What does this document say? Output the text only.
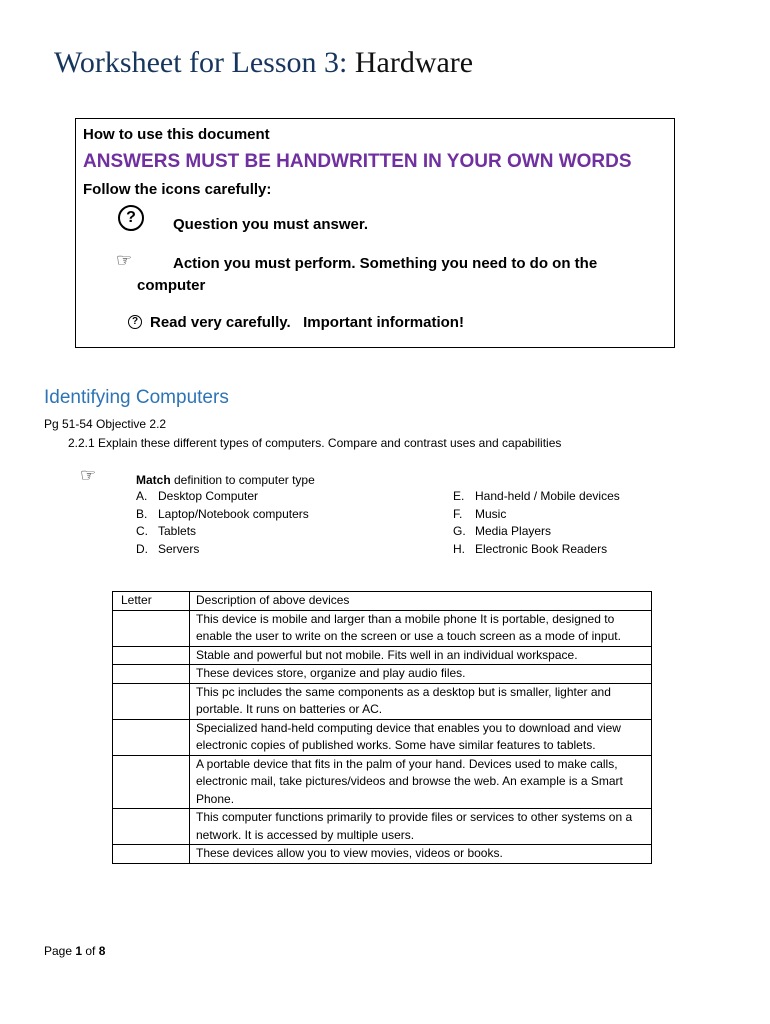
Worksheet for Lesson 3: Hardware
How to use this document
ANSWERS MUST BE HANDWRITTEN IN YOUR OWN WORDS
Follow the icons carefully:
?	Question you must answer.
☞	Action you must perform. Something you need to do on the
computer
? Read very carefully.   Important information!
Identifying Computers
Pg 51-54 Objective 2.2
2.2.1 Explain these different types of computers. Compare and contrast uses and capabilities
☞	Match definition to computer type
A. Desktop Computer
B. Laptop/Notebook computers
C. Tablets
D. Servers
E. Hand-held / Mobile devices
F.	Music
G. Media Players
H. Electronic Book Readers
Letter	Description of above devices
	This device is mobile and larger than a mobile phone It is portable, designed to enable the user to write on the screen or use a touch screen as a mode of input.
	Stable and powerful but not mobile. Fits well in an individual workspace.
	These devices store, organize and play audio files.
	This pc includes the same components as a desktop but is smaller, lighter and portable. It runs on batteries or AC.
	Specialized hand-held computing device that enables you to download and view electronic copies of published works. Some have similar features to tablets.
	A portable device that fits in the palm of your hand. Devices used to make calls, electronic mail, take pictures/videos and browse the web. An example is a Smart Phone.
	This computer functions primarily to provide files or services to other systems on a network. It is accessed by multiple users.
	These devices allow you to view movies, videos or books.
Page 1 of 8
